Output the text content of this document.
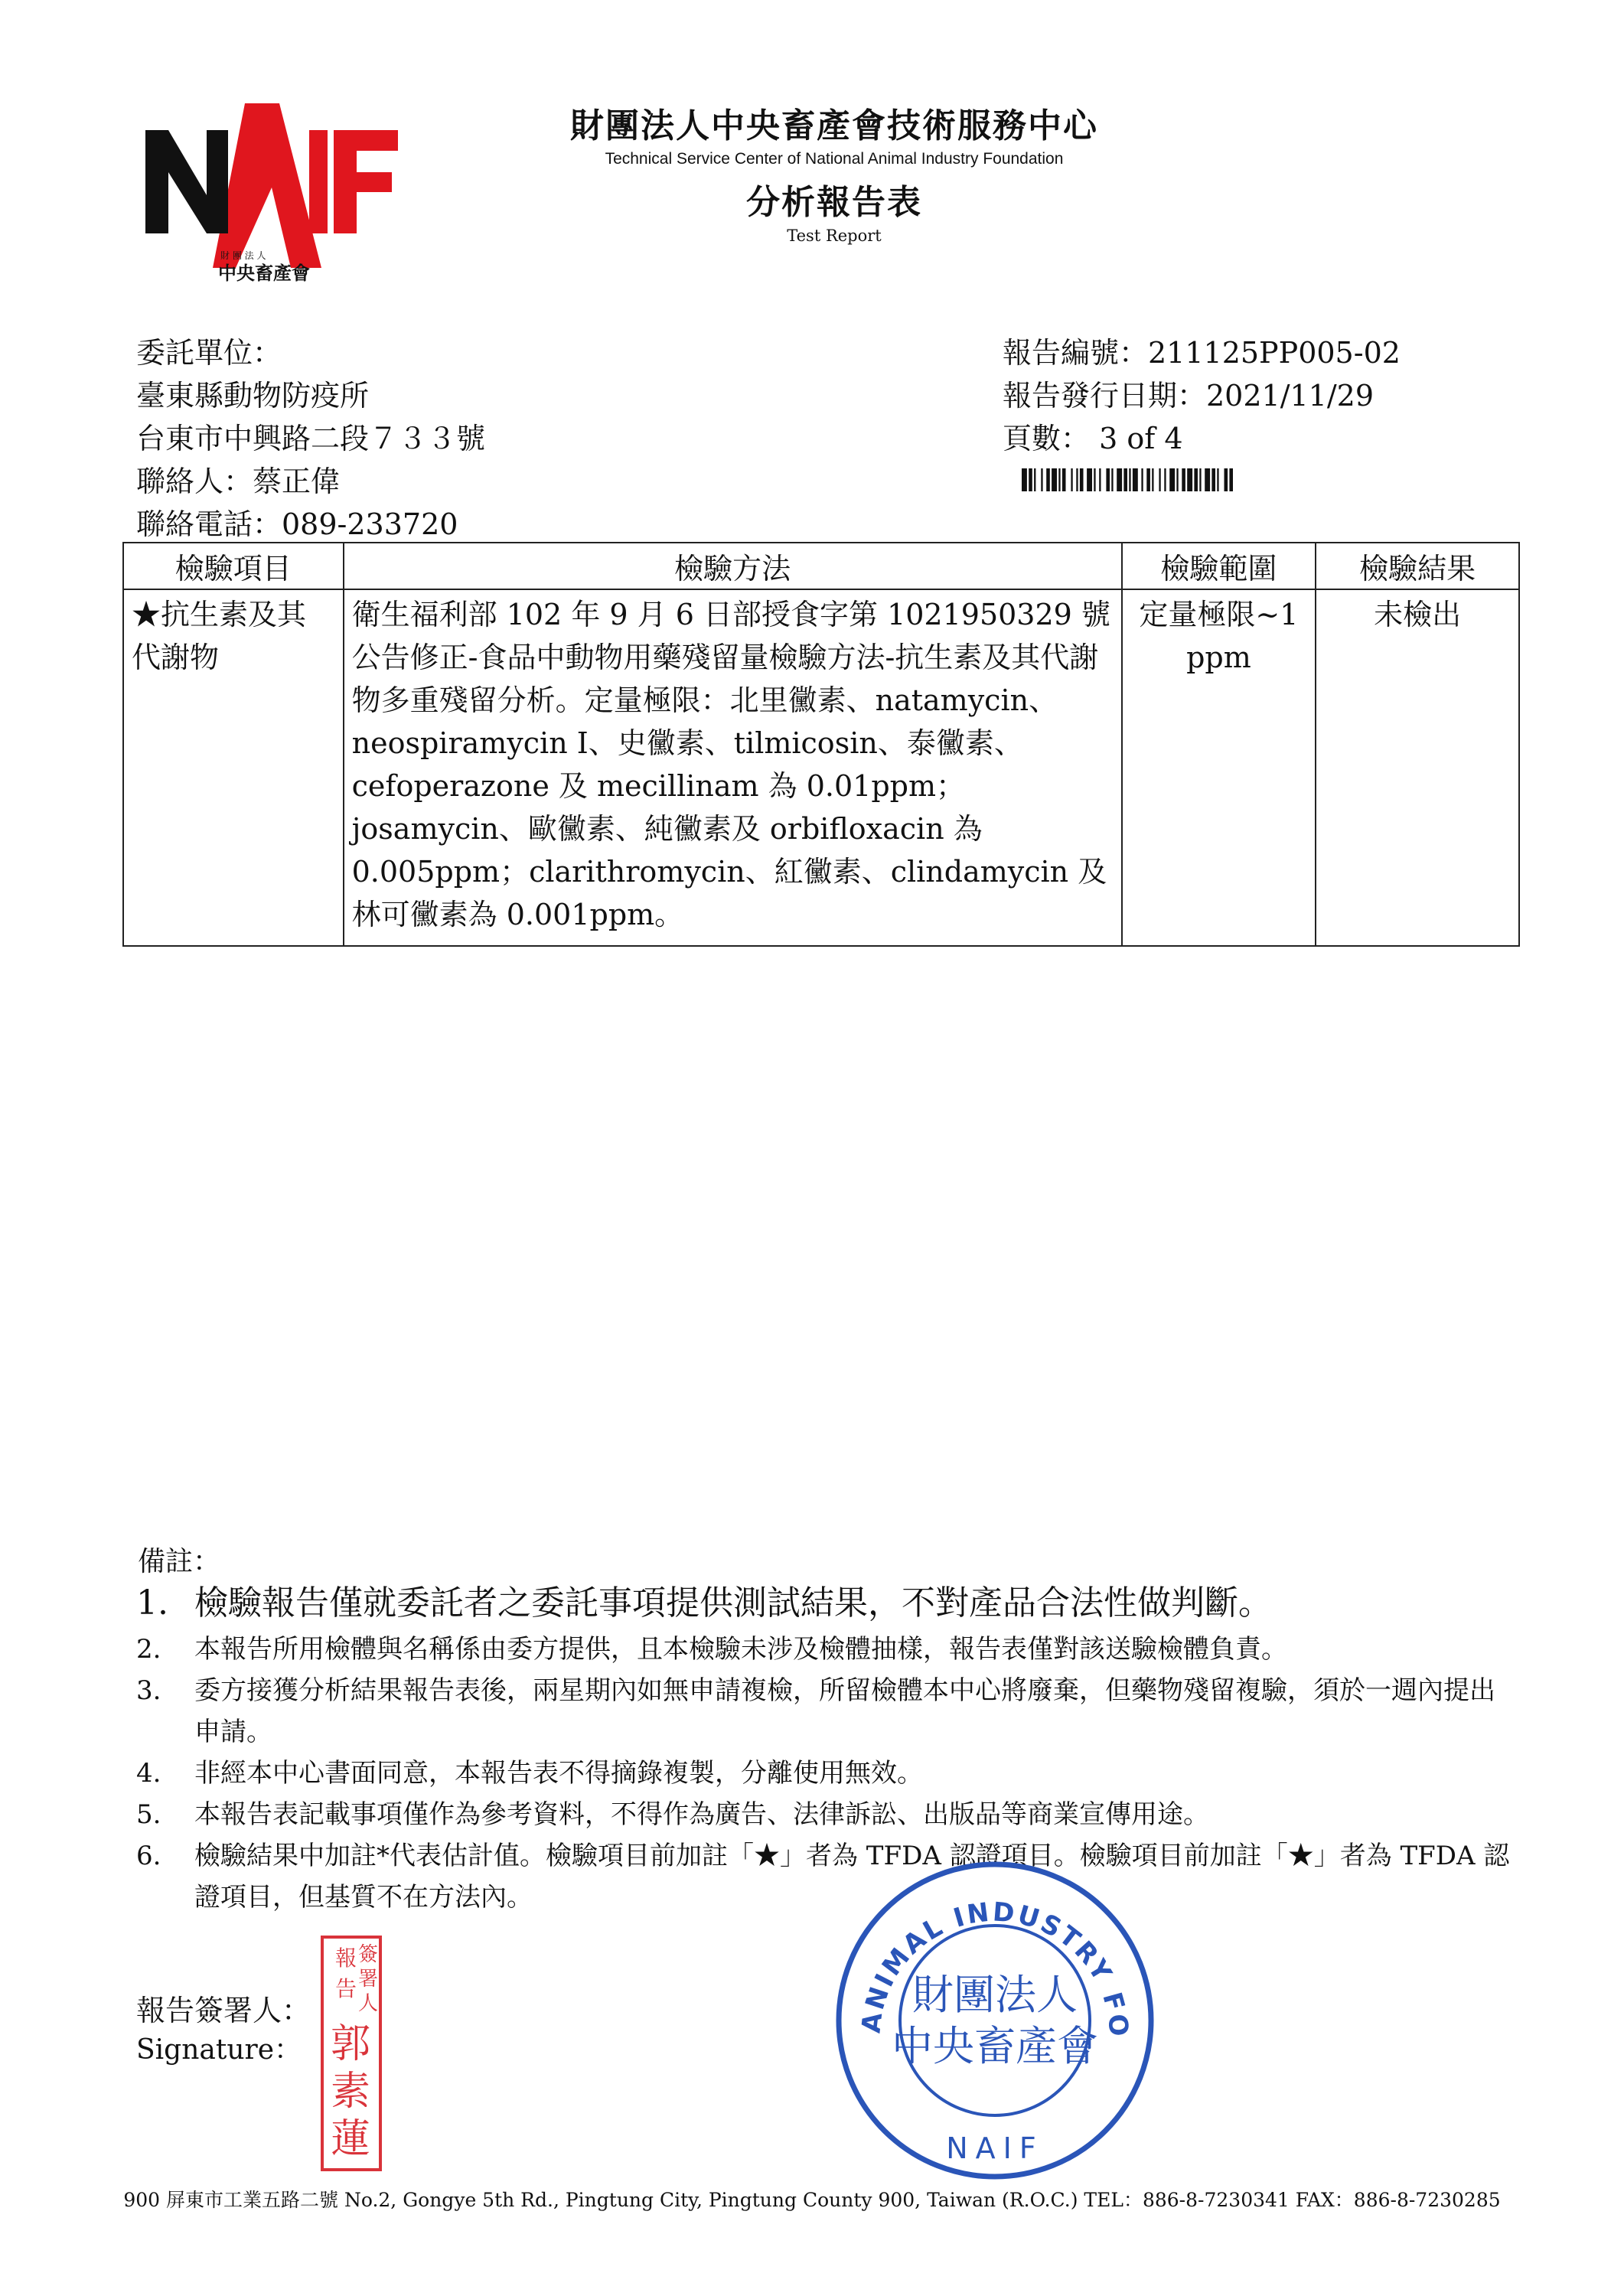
財 團 法 人
中央畜產會
財團法人中央畜產會技術服務中心
Technical Service Center of National Animal Industry Foundation
分析報告表
Test Report
委託單位：
臺東縣動物防疫所
台東市中興路二段７３３號
聯絡人：蔡正偉
聯絡電話：089-233720
報告編號：211125PP005-02
報告發行日期：2021/11/29
頁數： 3 of 4
檢驗項目	檢驗方法	檢驗範圍	檢驗結果
★抗生素及其代謝物	衛生福利部 102 年 9 月 6 日部授食字第 1021950329 號公告修正-食品中動物用藥殘留量檢驗方法-抗生素及其代謝物多重殘留分析。定量極限：北里黴素、natamycin、neospiramycin I、史黴素、tilmicosin、泰黴素、cefoperazone 及 mecillinam 為 0.01ppm；josamycin、歐黴素、純黴素及 orbifloxacin 為 0.005ppm；clarithromycin、紅黴素、clindamycin 及林可黴素為 0.001ppm。	定量極限~1 ppm	未檢出
備註：
1. 檢驗報告僅就委託者之委託事項提供測試結果，不對產品合法性做判斷。
2.	本報告所用檢體與名稱係由委方提供，且本檢驗未涉及檢體抽樣，報告表僅對該送驗檢體負責。
3.	委方接獲分析結果報告表後，兩星期內如無申請複檢，所留檢體本中心將廢棄，但藥物殘留複驗，須於一週內提出申請。
4.	非經本中心書面同意，本報告表不得摘錄複製，分離使用無效。
5.	本報告表記載事項僅作為參考資料，不得作為廣告、法律訴訟、出版品等商業宣傳用途。
6.	檢驗結果中加註*代表估計值。檢驗項目前加註「★」者為 TFDA 認證項目。檢驗項目前加註「★」者為 TFDA 認證項目，但基質不在方法內。
報告簽署人：
Signature：
報 簽
告 署
人
郭
素
蓮
ANIMAL INDUSTRY FO
財團法人
中央畜產會
NAIF
900 屏東市工業五路二號 No.2, Gongye 5th Rd., Pingtung City, Pingtung County 900, Taiwan (R.O.C.) TEL：886-8-7230341 FAX：886-8-7230285
